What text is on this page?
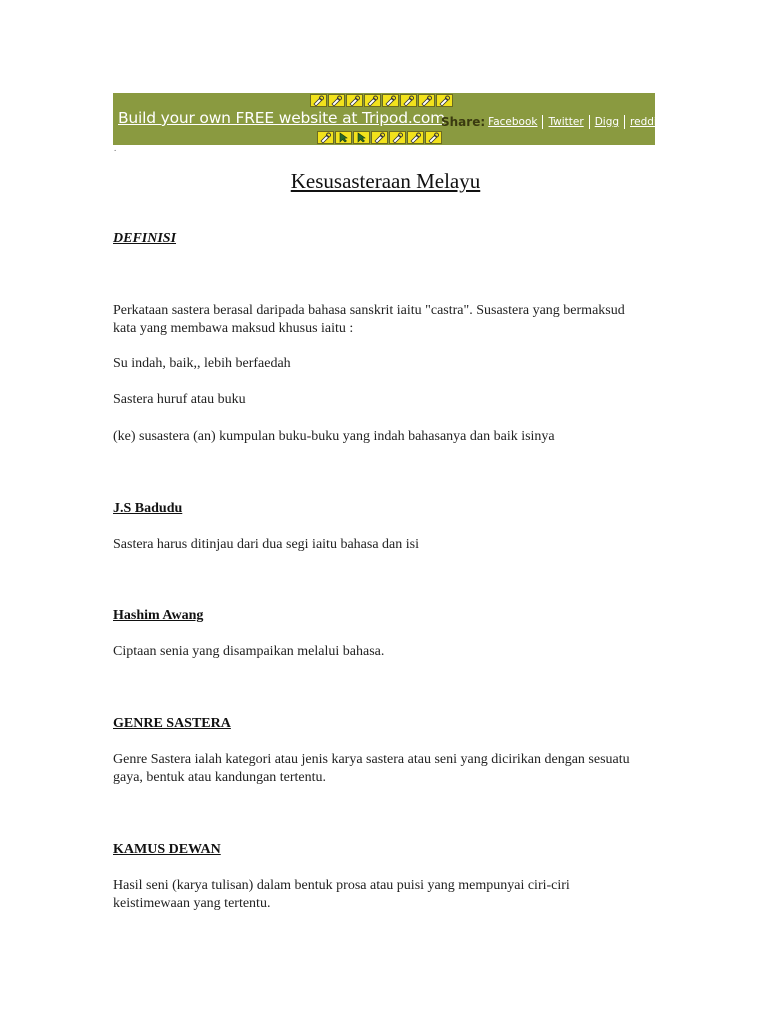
Build your own FREE website at Tripod.com
Share: Facebook Twitter Digg reddit
.
Kesusasteraan Melayu
DEFINISI
Perkataan sastera berasal daripada bahasa sanskrit iaitu "castra". Susastera yang bermaksud kata yang membawa maksud khusus iaitu :
Su indah, baik,, lebih berfaedah
Sastera huruf atau buku
(ke) susastera (an) kumpulan buku-buku yang indah bahasanya dan baik isinya
J.S Badudu
Sastera harus ditinjau dari dua segi iaitu bahasa dan isi
Hashim Awang
Ciptaan senia yang disampaikan melalui bahasa.
GENRE SASTERA
Genre Sastera ialah kategori atau jenis karya sastera atau seni yang dicirikan dengan sesuatu gaya, bentuk atau kandungan tertentu.
KAMUS DEWAN
Hasil seni (karya tulisan) dalam bentuk prosa atau puisi yang mempunyai ciri-ciri keistimewaan yang tertentu.
